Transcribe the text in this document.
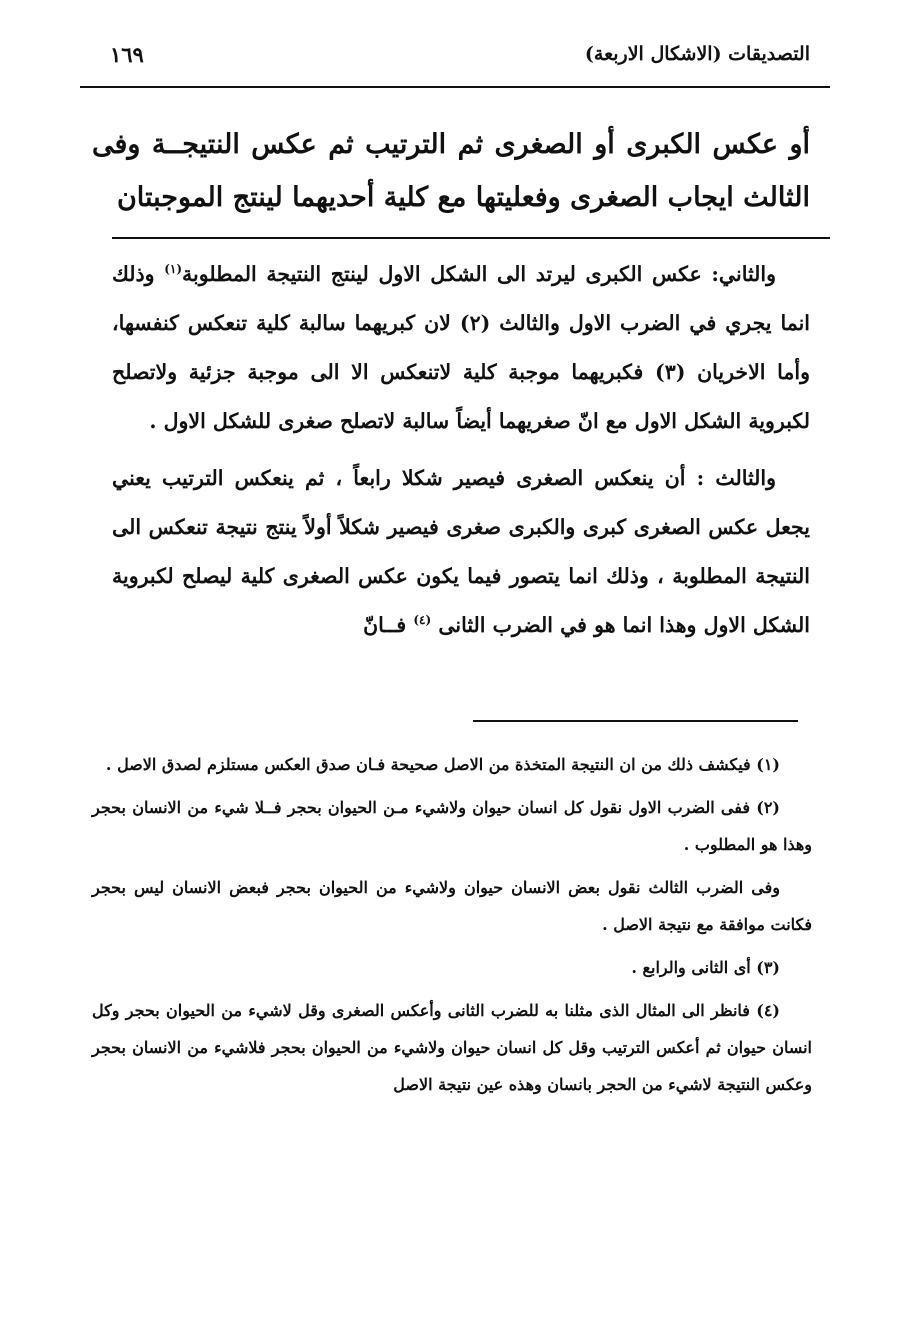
التصديقات (الاشكال الاربعة)
١٦٩

أو عكس الكبرى أو الصغرى ثم الترتيب ثم عكس النتيجــة وفى الثالث ايجاب الصغرى وفعليتها مع كلية أحديهما لينتج الموجبتان

والثاني: عكس الكبرى ليرتد الى الشكل الاول لينتج النتيجة المطلوبة$^{(١)}$ وذلك انما يجري في الضرب الاول والثالث (٢) لان كبريهما سالبة كلية تنعكس كنفسها، وأما الاخريان (٣) فكبريهما موجبة كلية لاتنعكس الا الى موجبة جزئية ولاتصلح لكبروية الشكل الاول مع انّ صغريهما أيضاً سالبة لاتصلح صغرى للشكل الاول .

والثالث : أن ينعكس الصغرى فيصير شكلا رابعاً ، ثم ينعكس الترتيب يعني يجعل عكس الصغرى كبرى والكبرى صغرى فيصير شكلاً أولاً ينتج نتيجة تنعكس الى النتيجة المطلوبة ، وذلك انما يتصور فيما يكون عكس الصغرى كلية ليصلح لكبروية الشكل الاول وهذا انما هو في الضرب الثانى $^{(٤)}$ فــانّ

(١) فيكشف ذلك من ان النتيجة المتخذة من الاصل صحيحة فـان صدق العكس مستلزم لصدق الاصل .

(٢) ففى الضرب الاول نقول كل انسان حيوان ولاشيء مـن الحيوان بحجر فــلا شيء من الانسان بحجر وهذا هو المطلوب .

وفى الضرب الثالث نقول بعض الانسان حيوان ولاشيء من الحيوان بحجر فبعض الانسان ليس بحجر فكانت موافقة مع نتيجة الاصل .

(٣) أى الثانى والرابع .

(٤) فانظر الى المثال الذى مثلنا به للضرب الثانى وأعكس الصغرى وقل لاشيء من الحيوان بحجر وكل انسان حيوان ثم أعكس الترتيب وقل كل انسان حيوان ولاشيء من الحيوان بحجر فلاشيء من الانسان بحجر وعكس النتيجة لاشيء من الحجر بانسان وهذه عين نتيجة الاصل
